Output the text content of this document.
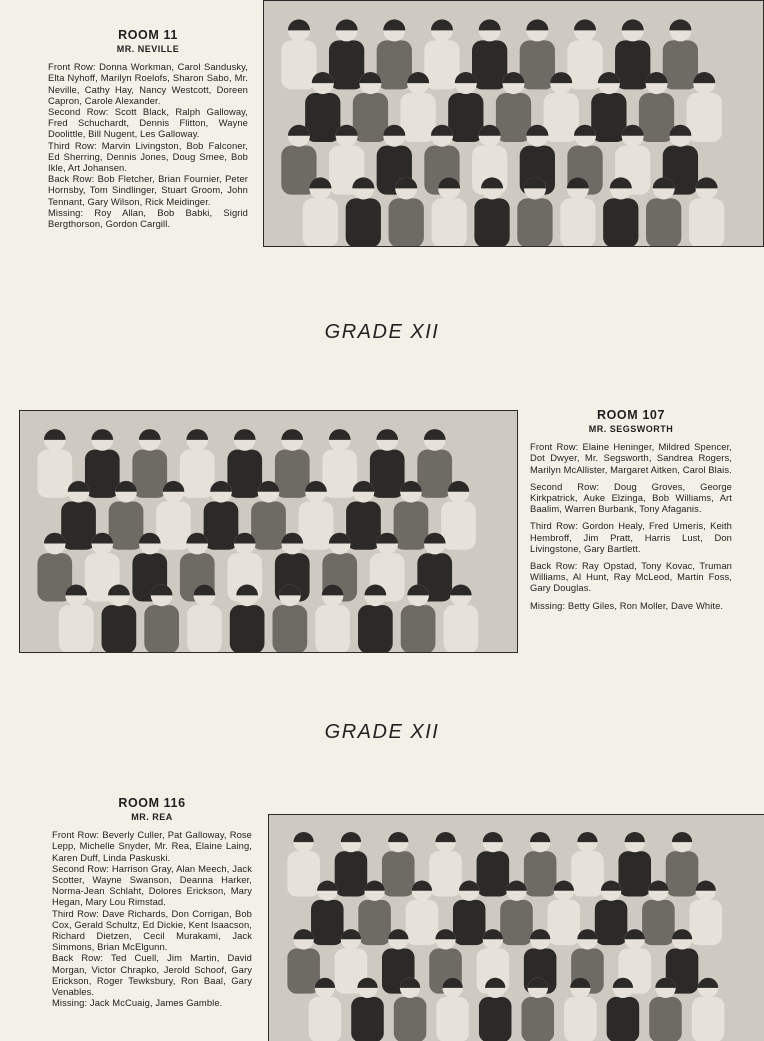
ROOM 11
MR. NEVILLE
Front Row: Donna Workman, Carol Sandusky, Elta Nyhoff, Marilyn Roelofs, Sharon Sabo, Mr. Neville, Cathy Hay, Nancy Westcott, Doreen Capron, Carole Alexander.
Second Row: Scott Black, Ralph Galloway, Fred Schuchardt, Dennis Flitton, Wayne Doolittle, Bill Nugent, Les Galloway.
Third Row: Marvin Livingston, Bob Falconer, Ed Sherring, Dennis Jones, Doug Smee, Bob Ikle, Art Johansen.
Back Row: Bob Fletcher, Brian Fournier, Peter Hornsby, Tom Sindlinger, Stuart Groom, John Tennant, Gary Wilson, Rick Meidinger.
Missing: Roy Allan, Bob Babki, Sigrid Bergthorson, Gordon Cargill.
GRADE XII
ROOM 107
MR. SEGSWORTH
Front Row: Elaine Heninger, Mildred Spencer, Dot Dwyer, Mr. Segsworth, Sandrea Rogers, Marilyn McAllister, Margaret Aitken, Carol Blais.
Second Row: Doug Groves, George Kirkpatrick, Auke Elzinga, Bob Williams, Art Baalim, Warren Burbank, Tony Afaganis.
Third Row: Gordon Healy, Fred Umeris, Keith Hembroff, Jim Pratt, Harris Lust, Don Livingstone, Gary Bartlett.
Back Row: Ray Opstad, Tony Kovac, Truman Williams, Al Hunt, Ray McLeod, Martin Foss, Gary Douglas.
Missing: Betty Giles, Ron Moller, Dave White.
GRADE XII
ROOM 116
MR. REA
Front Row: Beverly Culler, Pat Galloway, Rose Lepp, Michelle Snyder, Mr. Rea, Elaine Laing, Karen Duff, Linda Paskuski.
Second Row: Harrison Gray, Alan Meech, Jack Scotter, Wayne Swanson, Deanna Harker, Norma-Jean Schlaht, Dolores Erickson, Mary Hegan, Mary Lou Rimstad.
Third Row: Dave Richards, Don Corrigan, Bob Cox, Gerald Schultz, Ed Dickie, Kent Isaacson, Richard Dietzen, Cecil Murakami, Jack Simmons, Brian McElgunn.
Back Row: Ted Cuell, Jim Martin, David Morgan, Victor Chrapko, Jerold Schoof, Gary Erickson, Roger Tewksbury, Ron Baal, Gary Venables.
Missing: Jack McCuaig, James Gamble.
